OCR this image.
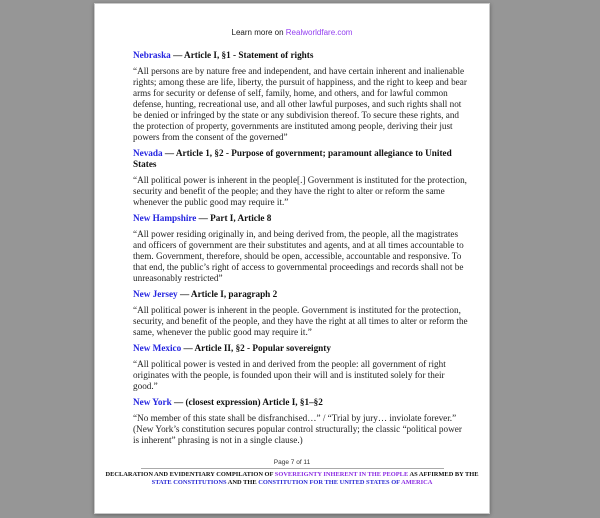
Learn more on Realworldfare.com
Nebraska — Article I, §1 - Statement of rights

“All persons are by nature free and independent, and have certain inherent and inalienable rights; among these are life, liberty, the pursuit of happiness, and the right to keep and bear arms for security or defense of self, family, home, and others, and for lawful common defense, hunting, recreational use, and all other lawful purposes, and such rights shall not be denied or infringed by the state or any subdivision thereof. To secure these rights, and the protection of property, governments are instituted among people, deriving their just powers from the consent of the governed”

Nevada — Article 1, §2 - Purpose of government; paramount allegiance to United States

“All political power is inherent in the people[.] Government is instituted for the protection, security and benefit of the people; and they have the right to alter or reform the same whenever the public good may require it.”

New Hampshire — Part I, Article 8

“All power residing originally in, and being derived from, the people, all the magistrates and officers of government are their substitutes and agents, and at all times accountable to them. Government, therefore, should be open, accessible, accountable and responsive. To that end, the public’s right of access to governmental proceedings and records shall not be unreasonably restricted”

New Jersey — Article I, paragraph 2

“All political power is inherent in the people. Government is instituted for the protection, security, and benefit of the people, and they have the right at all times to alter or reform the same, whenever the public good may require it.”

New Mexico — Article II, §2 - Popular sovereignty

“All political power is vested in and derived from the people: all government of right originates with the people, is founded upon their will and is instituted solely for their good.”

New York — (closest expression) Article I, §1–§2

“No member of this state shall be disfranchised…” / “Trial by jury… inviolate forever.” (New York’s constitution secures popular control structurally; the classic “political power is inherent” phrasing is not in a single clause.)

Page 7 of 11
DECLARATION AND EVIDENTIARY COMPILATION OF SOVEREIGNTY INHERENT IN THE PEOPLE AS AFFIRMED BY THE
STATE CONSTITUTIONS AND THE CONSTITUTION FOR THE UNITED STATES OF AMERICA
